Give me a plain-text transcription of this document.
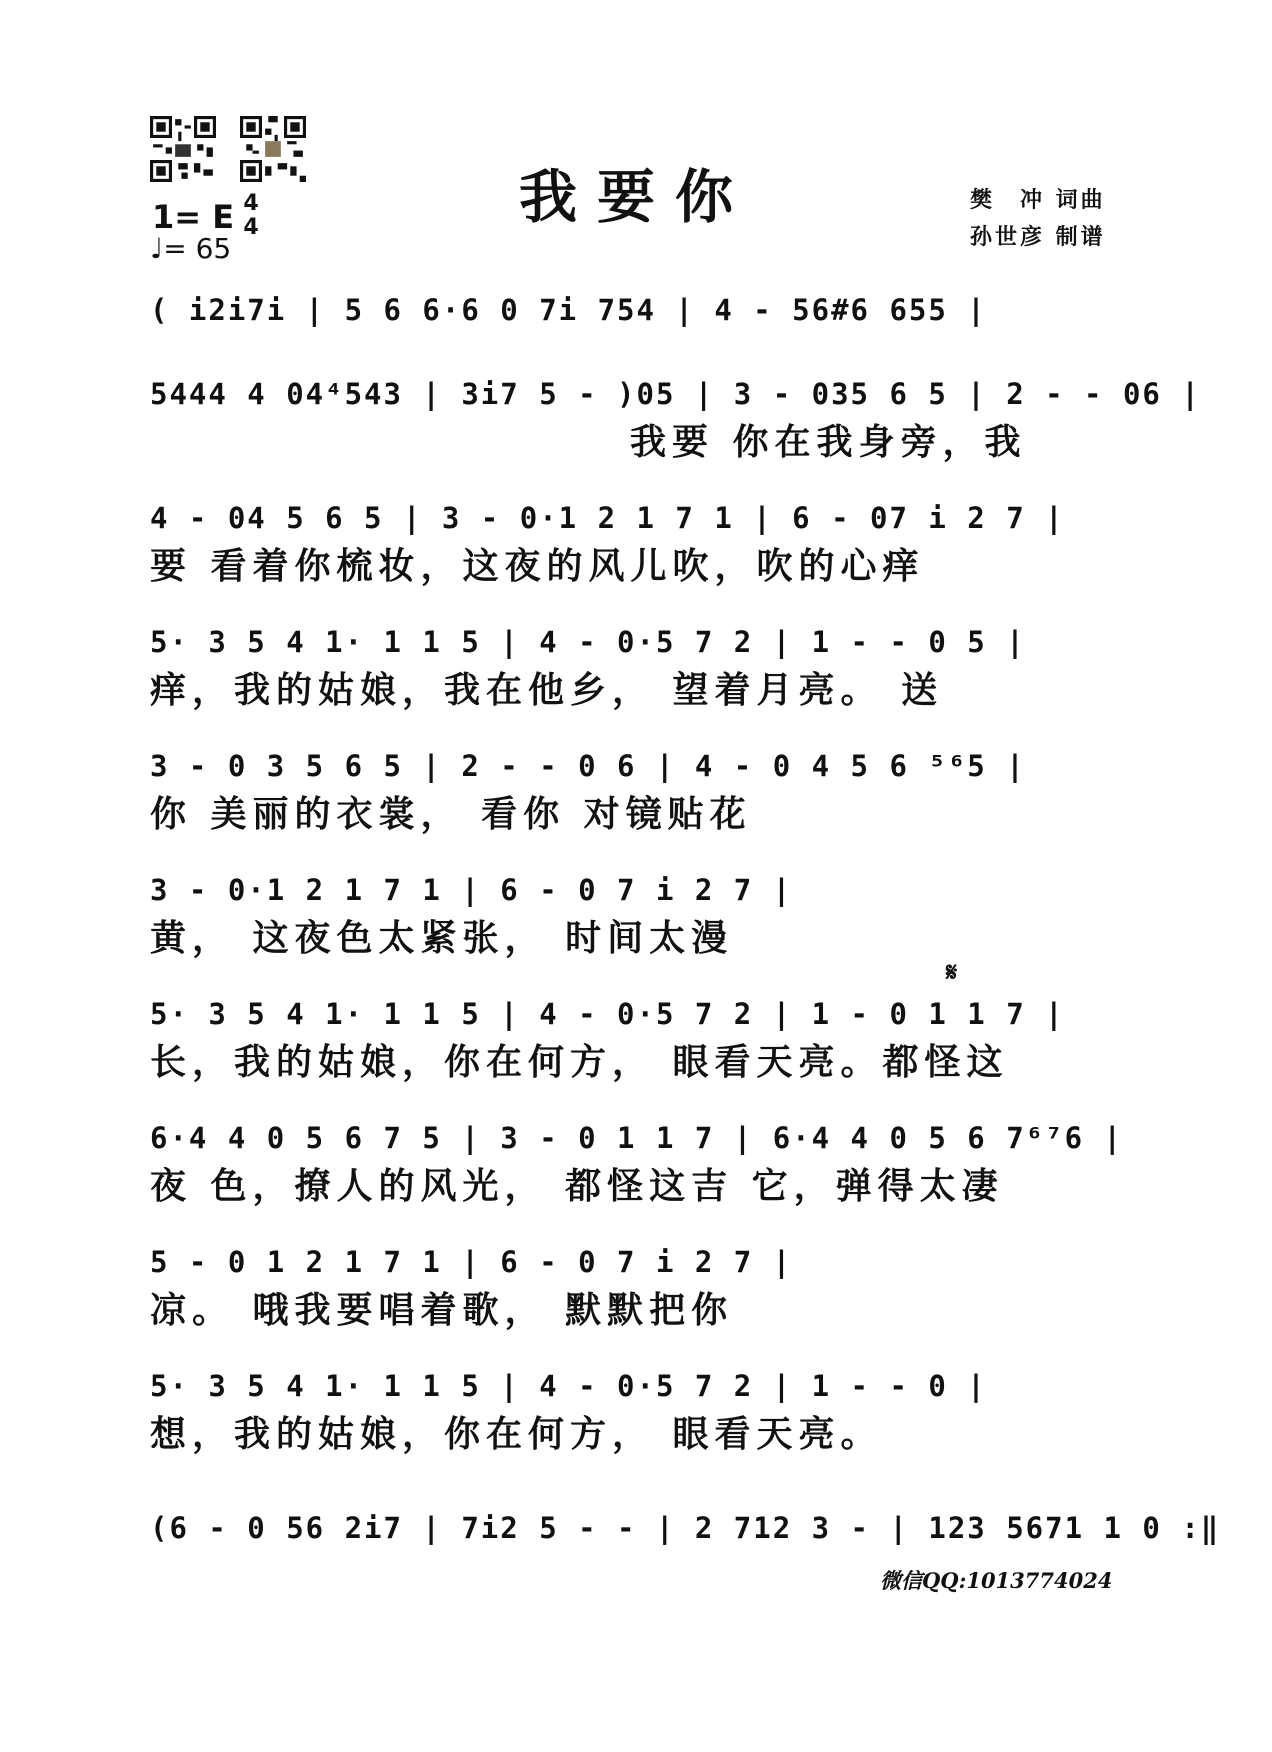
我要你	樊　冲 词曲
孙世彦 制谱
1= E 4
4
♩= 65
( i2i7i | 5 6 6·6 0 7i 754 | 4 - 56#6 655 |
5444 4 04⁴543 | 3i7 5 - )05 | 3 - 035 6 5 | 2 - - 06 |
我要 你在我身旁，我
4 - 04 5 6 5 | 3 - 0·1 2 1 7 1 | 6 - 07 i 2 7 |
要 看着你梳妆，这夜的风儿吹，吹的心痒
5· 3 5 4 1· 1 1 5 | 4 - 0·5 7 2 | 1 - - 0 5 |
痒，我的姑娘，我在他乡， 望着月亮。 送
3 - 0 3 5 6 5 | 2 - - 0 6 | 4 - 0 4 5 6 ⁵⁶5 |
你 美丽的衣裳， 看你 对镜贴花
3 - 0·1 2 1 7 1 | 6 - 0 7 i 2 7 |
黄， 这夜色太紧张， 时间太漫
𝄋
5· 3 5 4 1· 1 1 5 | 4 - 0·5 7 2 | 1 - 0 1 1 7 |
长，我的姑娘，你在何方， 眼看天亮。都怪这
6·4 4 0 5 6 7 5 | 3 - 0 1 1 7 | 6·4 4 0 5 6 7⁶⁷6 |
夜 色，撩人的风光， 都怪这吉 它，弹得太凄
5 - 0 1 2 1 7 1 | 6 - 0 7 i 2 7 |
凉。 哦我要唱着歌， 默默把你
5· 3 5 4 1· 1 1 5 | 4 - 0·5 7 2 | 1 - - 0 |
想，我的姑娘，你在何方， 眼看天亮。
(6 - 0 56 2i7 | 7i2 5 - - | 2 712 3 - | 123 5671 1 0 :‖
微信QQ:1013774024
